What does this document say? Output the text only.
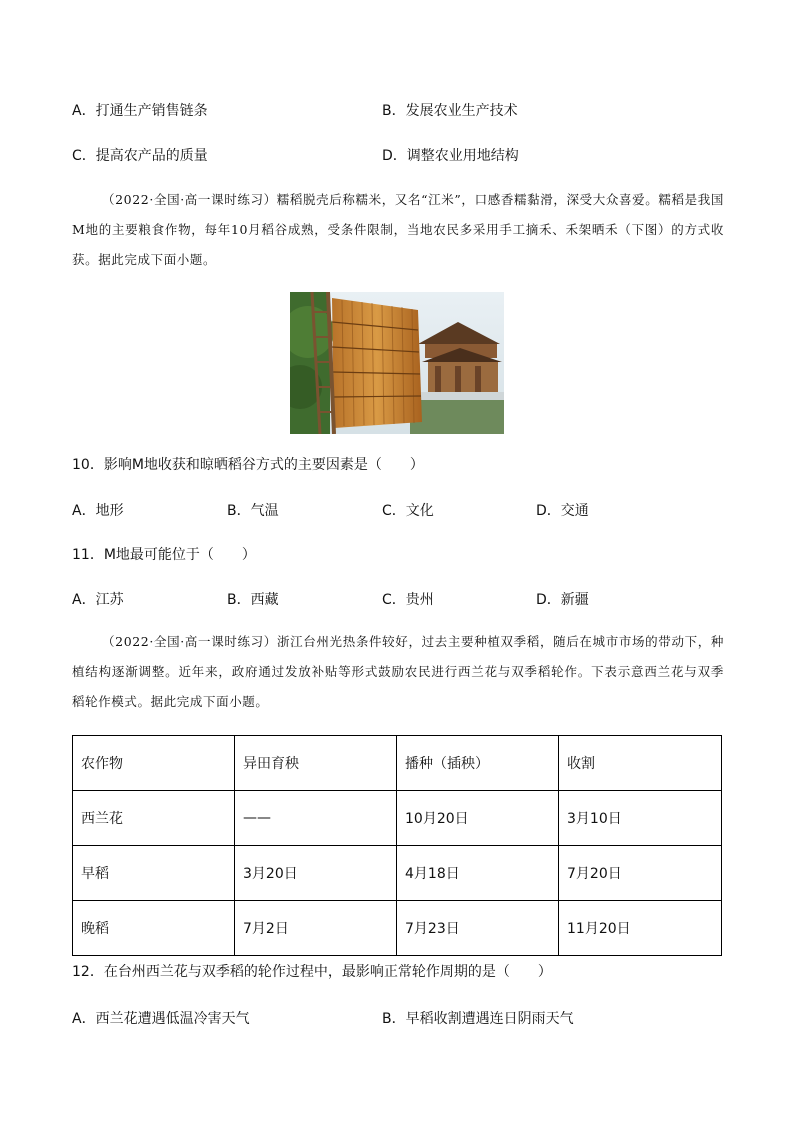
A．打通生产销售链条	B．发展农业生产技术
C．提高农产品的质量	D．调整农业用地结构

（2022·全国·高一课时练习）糯稻脱壳后称糯米，又名“江米”，口感香糯黏滑，深受大众喜爱。糯稻是我国M地的主要粮食作物，每年10月稻谷成熟，受条件限制，当地农民多采用手工摘禾、禾架晒禾（下图）的方式收获。据此完成下面小题。

10．影响M地收获和晾晒稻谷方式的主要因素是（　　）
A．地形	B．气温	C．文化	D．交通
11．M地最可能位于（　　）
A．江苏	B．西藏	C．贵州	D．新疆

（2022·全国·高一课时练习）浙江台州光热条件较好，过去主要种植双季稻，随后在城市市场的带动下，种植结构逐渐调整。近年来，政府通过发放补贴等形式鼓励农民进行西兰花与双季稻轮作。下表示意西兰花与双季稻轮作模式。据此完成下面小题。

农作物	异田育秧	播种（插秧）	收割
西兰花	——	10月20日	3月10日
早稻	3月20日	4月18日	7月20日
晚稻	7月2日	7月23日	11月20日
12．在台州西兰花与双季稻的轮作过程中，最影响正常轮作周期的是（　　）
A．西兰花遭遇低温冷害天气	B．早稻收割遭遇连日阴雨天气
